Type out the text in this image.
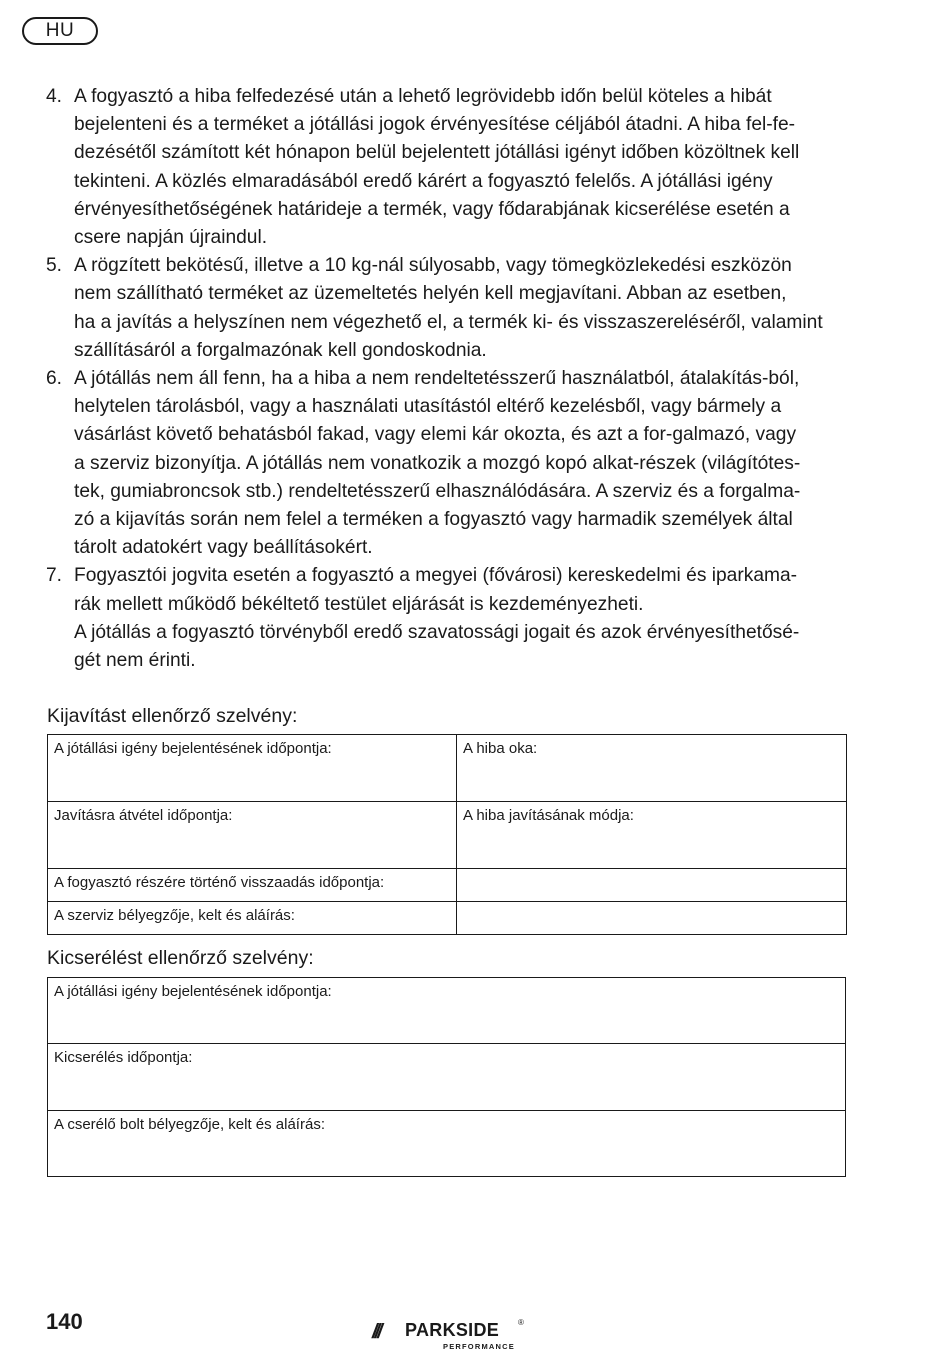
HU
4. A fogyasztó a hiba felfedezésé után a lehető legrövidebb időn belül köteles a hibát
bejelenteni és a terméket a jótállási jogok érvényesítése céljából átadni. A hiba fel-fe-
dezésétől számított két hónapon belül bejelentett jótállási igényt időben közöltnek kell
tekinteni. A közlés elmaradásából eredő kárért a fogyasztó felelős. A jótállási igény
érvényesíthetőségének határideje a termék, vagy fődarabjának kicserélése esetén a
csere napján újraindul.
5. A rögzített bekötésű, illetve a 10 kg-nál súlyosabb, vagy tömegközlekedési eszközön
nem szállítható terméket az üzemeltetés helyén kell megjavítani. Abban az esetben,
ha a javítás a helyszínen nem végezhető el, a termék ki- és visszaszereléséről, valamint
szállításáról a forgalmazónak kell gondoskodnia.
6. A jótállás nem áll fenn, ha a hiba a nem rendeltetésszerű használatból, átalakítás-ból,
helytelen tárolásból, vagy a használati utasítástól eltérő kezelésből, vagy bármely a
vásárlást követő behatásból fakad, vagy elemi kár okozta, és azt a for-galmazó, vagy
a szerviz bizonyítja. A jótállás nem vonatkozik a mozgó kopó alkat-részek (világítótes-
tek, gumiabroncsok stb.) rendeltetésszerű elhasználódására. A szerviz és a forgalma-
zó a kijavítás során nem felel a terméken a fogyasztó vagy harmadik személyek által
tárolt adatokért vagy beállításokért.
7. Fogyasztói jogvita esetén a fogyasztó a megyei (fővárosi) kereskedelmi és iparkama-
rák mellett működő békéltető testület eljárását is kezdeményezheti.
A jótállás a fogyasztó törvényből eredő szavatossági jogait és azok érvényesíthetősé-
gét nem érinti.
Kijavítást ellenőrző szelvény:
A jótállási igény bejelentésének időpontja:	A hiba oka:
Javításra átvétel időpontja:	A hiba javításának módja:
A fogyasztó részére történő visszaadás időpontja:	
A szerviz bélyegzője, kelt és aláírás:	
Kicserélést ellenőrző szelvény:
A jótállási igény bejelentésének időpontja:
Kicserélés időpontja:
A cserélő bolt bélyegzője, kelt és aláírás:
140	/// PARKSIDE ®
PERFORMANCE
